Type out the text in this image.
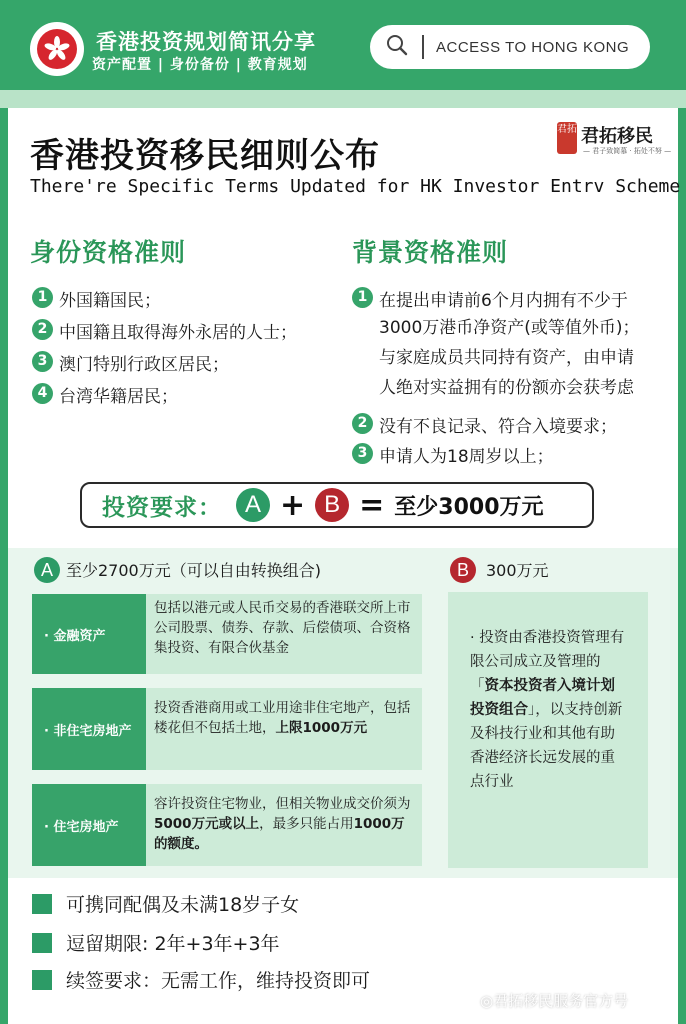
香港投资规划简讯分享
资产配置 | 身份备份 | 教育规划
ACCESS TO HONG KONG
香港投资移民细则公布
There're Specific Terms Updated for HK Investor Entrv Scheme
君拓 君拓移民
— 君子致简慕 · 拓处不努 —
身份资格准则
1 外国籍国民；
2 中国籍且取得海外永居的人士；
3 澳门特别行政区居民；
4 台湾华籍居民；
背景资格准则
1 在提出申请前6个月内拥有不少于
3000万港币净资产(或等值外币)；
与家庭成员共同持有资产，由申请
人绝对实益拥有的份额亦会获考虑
2 没有不良记录、符合入境要求；
3 申请人为18周岁以上；
投资要求： A + B = 至少3000万元
A 至少2700万元（可以自由转换组合)	B	300万元
· 金融资产
包括以港元或人民币交易的香港联交所上市公司股票、债券、存款、后偿债项、合资格集投资、有限合伙基金
· 非住宅房地产
投资香港商用或工业用途非住宅地产，包括楼花但不包括土地，上限1000万元
· 住宅房地产
容许投资住宅物业，但相关物业成交价须为5000万元或以上，最多只能占用1000万的额度。
· 投资由香港投资管理有限公司成立及管理的「资本投资者入境计划投资组合」，以支持创新及科技行业和其他有助香港经济长远发展的重点行业
可携同配偶及未满18岁子女
逗留期限: 2年+3年+3年
续签要求：无需工作，维持投资即可
◎君拓移民服务官方号
